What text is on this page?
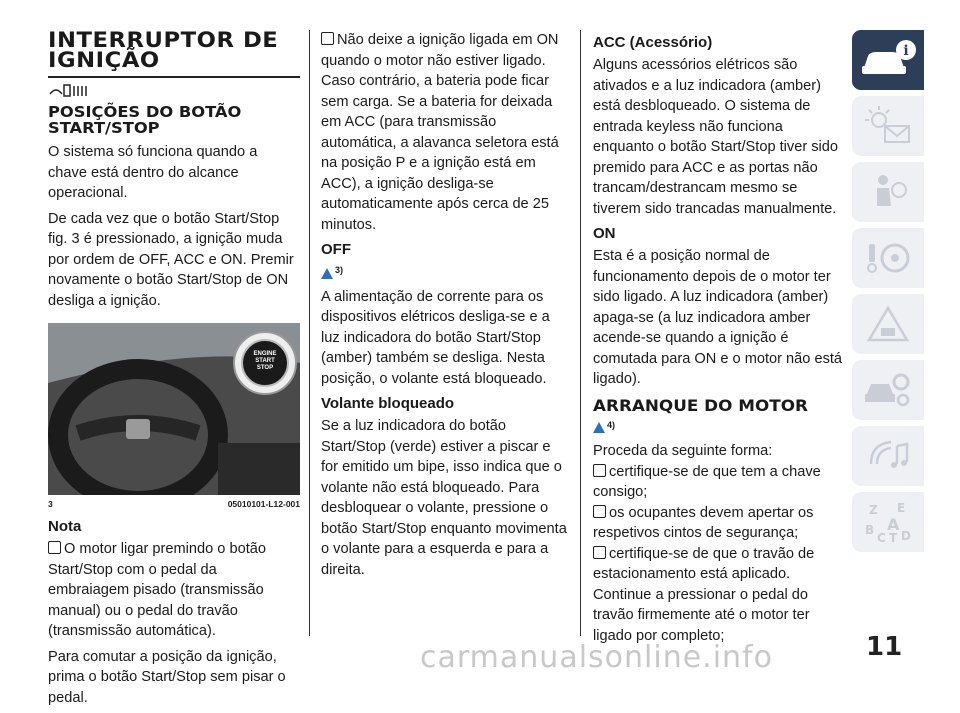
INTERRUPTOR DE IGNIÇÃO
POSIÇÕES DO BOTÃO START/STOP

O sistema só funciona quando a chave está dentro do alcance operacional.

De cada vez que o botão Start/Stop fig. 3 é pressionado, a ignição muda por ordem de OFF, ACC e ON. Premir novamente o botão Start/Stop de ON desliga a ignição.

ENGINE
START
STOP
3	05010101-L12-001
Nota

O motor ligar premindo o botão Start/Stop com o pedal da embraiagem pisado (transmissão manual) ou o pedal do travão (transmissão automática).

Para comutar a posição da ignição, prima o botão Start/Stop sem pisar o pedal.

Não deixe a ignição ligada em ON quando o motor não estiver ligado. Caso contrário, a bateria pode ficar sem carga. Se a bateria for deixada em ACC (para transmissão automática, a alavanca seletora está na posição P e a ignição está em ACC), a ignição desliga-se automaticamente após cerca de 25 minutos.

OFF
$^{3)}$

A alimentação de corrente para os dispositivos elétricos desliga-se e a luz indicadora do botão Start/Stop (amber) também se desliga. Nesta posição, o volante está bloqueado.

Volante bloqueado

Se a luz indicadora do botão Start/Stop (verde) estiver a piscar e for emitido um bipe, isso indica que o volante não está bloqueado. Para desbloquear o volante, pressione o botão Start/Stop enquanto movimenta o volante para a esquerda e para a direita.

ACC (Acessório)

Alguns acessórios elétricos são ativados e a luz indicadora (amber) está desbloqueado. O sistema de entrada keyless não funciona enquanto o botão Start/Stop tiver sido premido para ACC e as portas não trancam/destrancam mesmo se tiverem sido trancadas manualmente.

ON

Esta é a posição normal de funcionamento depois de o motor ter sido ligado. A luz indicadora (amber) apaga-se (a luz indicadora amber acende-se quando a ignição é comutada para ON e o motor não está ligado).

ARRANQUE DO MOTOR
$^{4)}$

Proceda da seguinte forma:

certifique-se de que tem a chave consigo;

os ocupantes devem apertar os respetivos cintos de segurança;

certifique-se de que o travão de estacionamento está aplicado.

Continue a pressionar o pedal do travão firmemente até o motor ter ligado por completo;

i
Z E
B A
C T D
11
carmanualsonline.info
